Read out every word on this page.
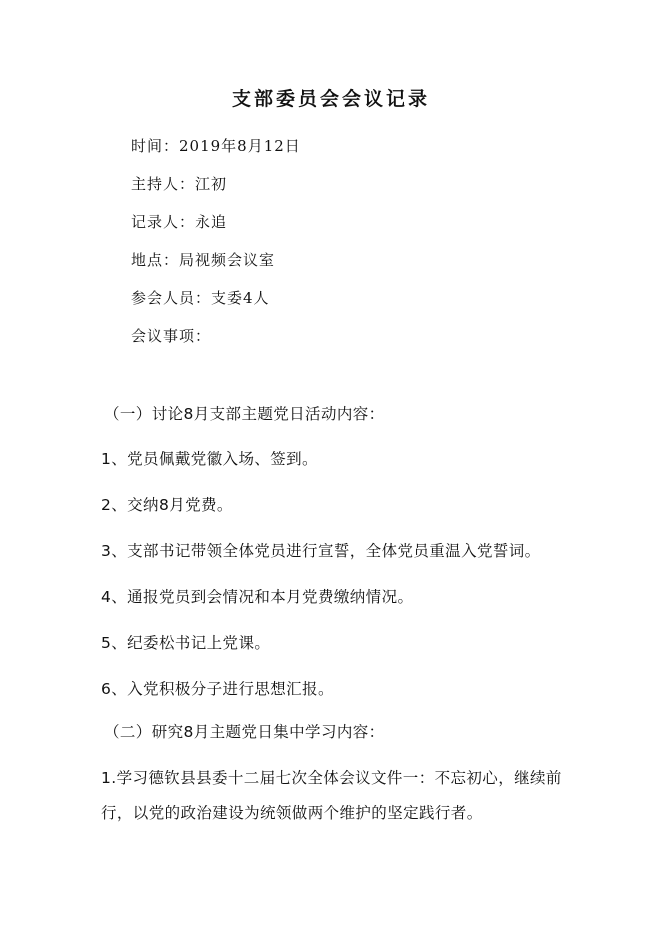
支部委员会会议记录
时间：2019年8月12日
主持人：江初
记录人：永追
地点：局视频会议室
参会人员：支委4人
会议事项：
（一）讨论8月支部主题党日活动内容：
1、党员佩戴党徽入场、签到。
2、交纳8月党费。
3、支部书记带领全体党员进行宣誓，全体党员重温入党誓词。
4、通报党员到会情况和本月党费缴纳情况。
5、纪委松书记上党课。
6、入党积极分子进行思想汇报。
（二）研究8月主题党日集中学习内容：
1.学习德钦县县委十二届七次全体会议文件一：不忘初心，继续前
行，以党的政治建设为统领做两个维护的坚定践行者。
